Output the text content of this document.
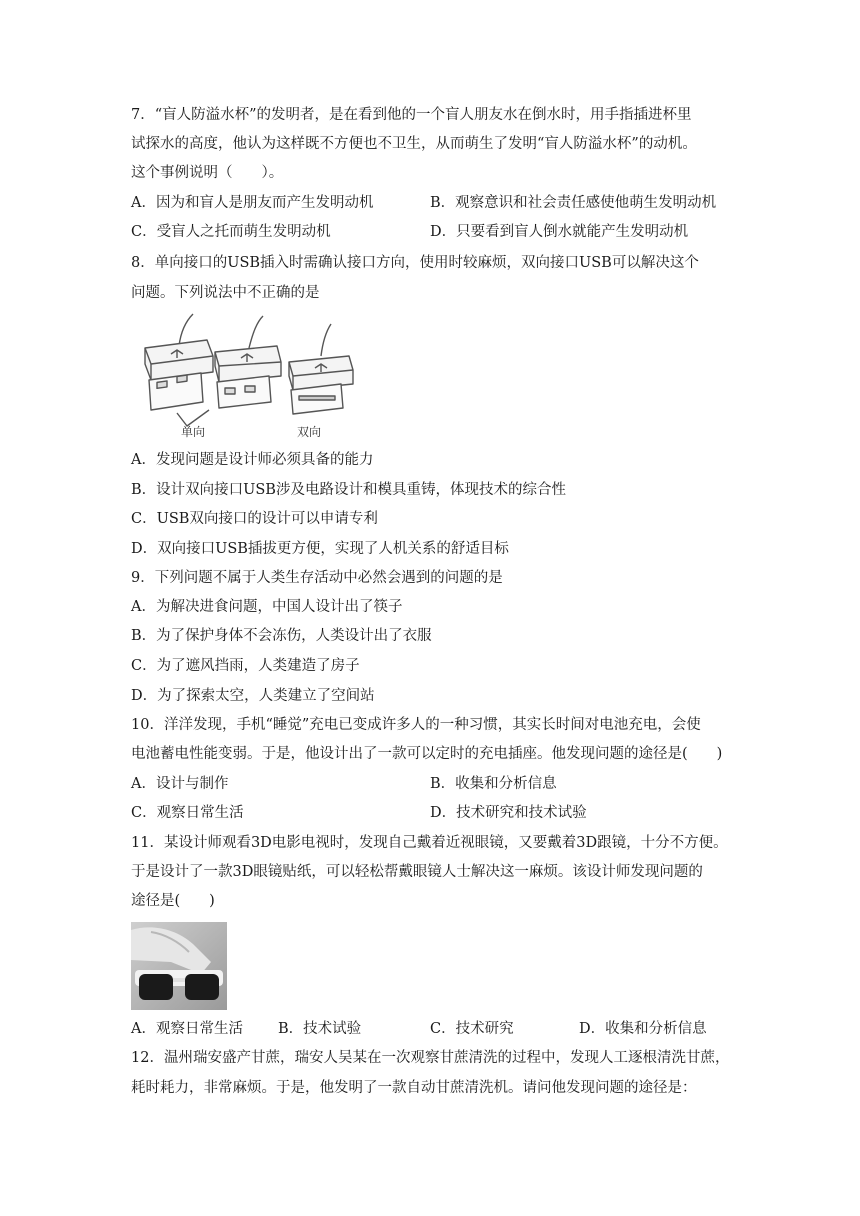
7．“盲人防溢水杯”的发明者，是在看到他的一个盲人朋友水在倒水时，用手指插进杯里
试探水的高度，他认为这样既不方便也不卫生，从而萌生了发明“盲人防溢水杯”的动机。
这个事例说明（　　）。
A．因为和盲人是朋友而产生发明动机	B．观察意识和社会责任感使他萌生发明动机
C．受盲人之托而萌生发明动机	D．只要看到盲人倒水就能产生发明动机
8．单向接口的USB插入时需确认接口方向，使用时较麻烦，双向接口USB可以解决这个
问题。下列说法中不正确的是
单向	双向
A．发现问题是设计师必须具备的能力
B．设计双向接口USB涉及电路设计和模具重铸，体现技术的综合性
C．USB双向接口的设计可以申请专利
D．双向接口USB插拔更方便，实现了人机关系的舒适目标
9．下列问题不属于人类生存活动中必然会遇到的问题的是
A．为解决进食问题，中国人设计出了筷子
B．为了保护身体不会冻伤，人类设计出了衣服
C．为了遮风挡雨，人类建造了房子
D．为了探索太空，人类建立了空间站
10．洋洋发现，手机“睡觉”充电已变成许多人的一种习惯，其实长时间对电池充电，会使
电池蓄电性能变弱。于是，他设计出了一款可以定时的充电插座。他发现问题的途径是(　　)
A．设计与制作	B．收集和分析信息
C．观察日常生活	D．技术研究和技术试验
11．某设计师观看3D电影电视时，发现自己戴着近视眼镜，又要戴着3D跟镜，十分不方便。
于是设计了一款3D眼镜贴纸，可以轻松帮戴眼镜人士解决这一麻烦。该设计师发现问题的
途径是(　　)
A．观察日常生活 B．技术试验	C．技术研究	D．收集和分析信息
12．温州瑞安盛产甘蔗，瑞安人吴某在一次观察甘蔗清洗的过程中，发现人工逐根清洗甘蔗，
耗时耗力，非常麻烦。于是，他发明了一款自动甘蔗清洗机。请问他发现问题的途径是：
